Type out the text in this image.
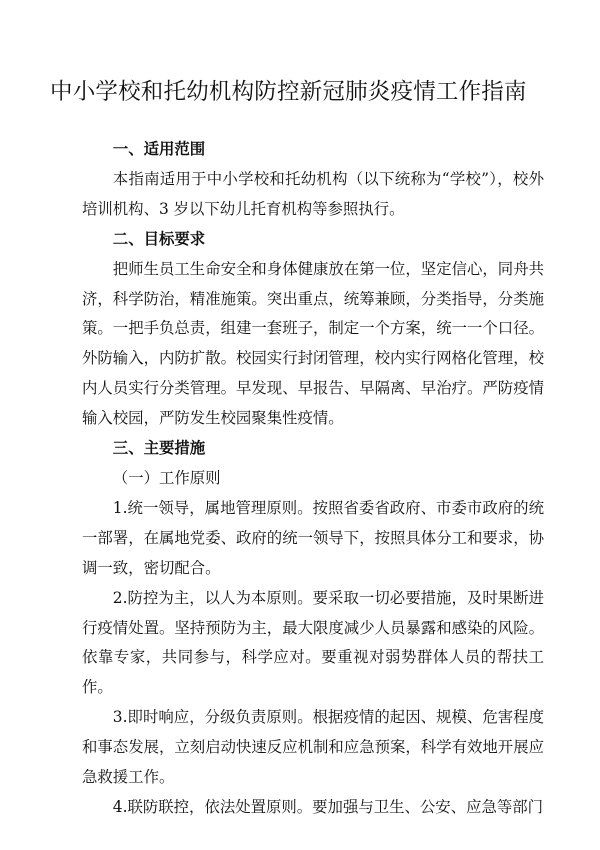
中小学校和托幼机构防控新冠肺炎疫情工作指南
一、适用范围

本指南适用于中小学校和托幼机构（以下统称为“学校”），校外培训机构、3 岁以下幼儿托育机构等参照执行。

二、目标要求

把师生员工生命安全和身体健康放在第一位，坚定信心，同舟共济，科学防治，精准施策。突出重点，统筹兼顾，分类指导，分类施策。一把手负总责，组建一套班子，制定一个方案，统一一个口径。外防输入，内防扩散。校园实行封闭管理，校内实行网格化管理，校内人员实行分类管理。早发现、早报告、早隔离、早治疗。严防疫情输入校园，严防发生校园聚集性疫情。

三、主要措施
（一）工作原则

1.统一领导，属地管理原则。按照省委省政府、市委市政府的统一部署，在属地党委、政府的统一领导下，按照具体分工和要求，协调一致，密切配合。

2.防控为主，以人为本原则。要采取一切必要措施，及时果断进行疫情处置。坚持预防为主，最大限度减少人员暴露和感染的风险。依靠专家，共同参与，科学应对。要重视对弱势群体人员的帮扶工作。

3.即时响应，分级负责原则。根据疫情的起因、规模、危害程度和事态发展，立刻启动快速反应机制和应急预案，科学有效地开展应急救援工作。

4.联防联控，依法处置原则。要加强与卫生、公安、应急等部门
